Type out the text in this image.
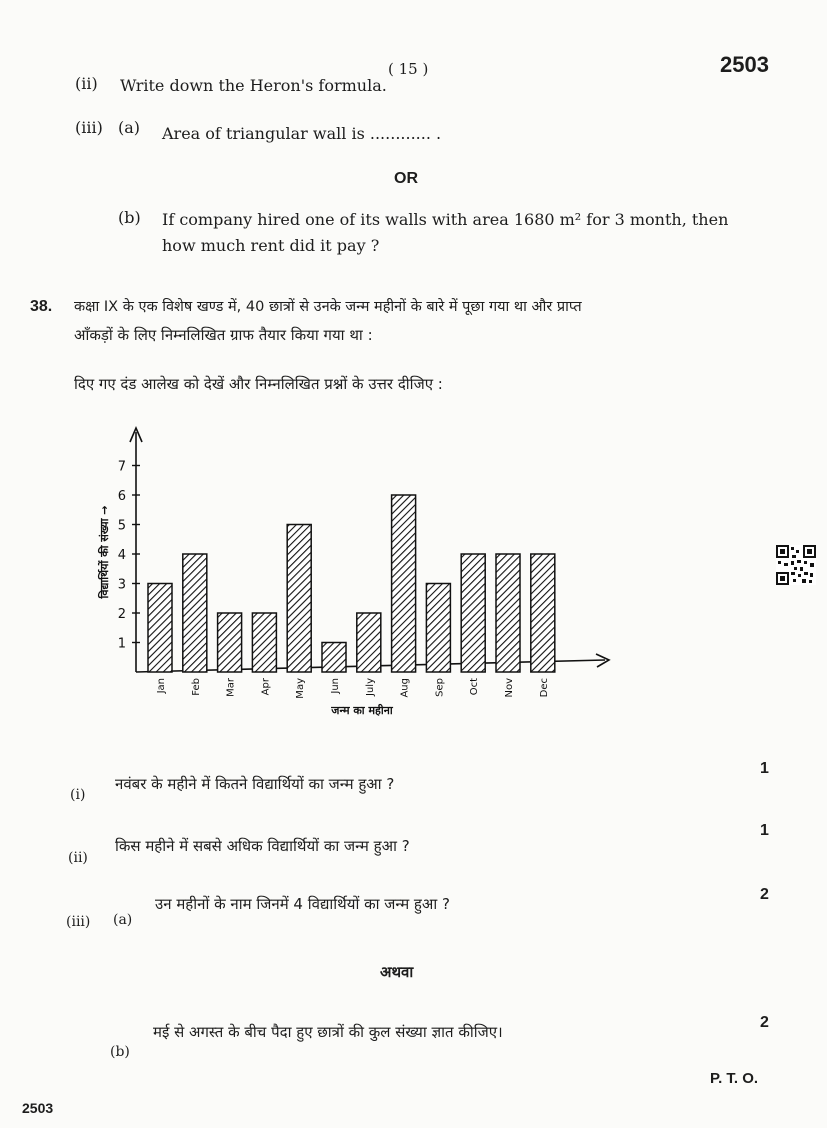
( 15 )	2503
(ii) Write down the Heron's formula.
(iii) (a) Area of triangular wall is ............ .
OR
(b) If company hired one of its walls with area 1680 m² for 3 month, then
how much rent did it pay ?
38. कक्षा IX के एक विशेष खण्ड में, 40 छात्रों से उनके जन्म महीनों के बारे में पूछा गया था और प्राप्त
आँकड़ों के लिए निम्नलिखित ग्राफ तैयार किया गया था :
दिए गए दंड आलेख को देखें और निम्नलिखित प्रश्नों के उत्तर दीजिए :
1
2
3
4
5
6
7
Jan Feb Mar Apr May Jun July Aug Sep Oct Nov Dec
विद्यार्थियों की संख्या →
जन्म का महीना
(i)
नवंबर के महीने में कितने विद्यार्थियों का जन्म हुआ ?
1
(ii)
किस महीने में सबसे अधिक विद्यार्थियों का जन्म हुआ ?
1
(iii) (a)
उन महीनों के नाम जिनमें 4 विद्यार्थियों का जन्म हुआ ?
2
अथवा
(b)
मई से अगस्त के बीच पैदा हुए छात्रों की कुल संख्या ज्ञात कीजिए।
2
P. T. O.
2503
